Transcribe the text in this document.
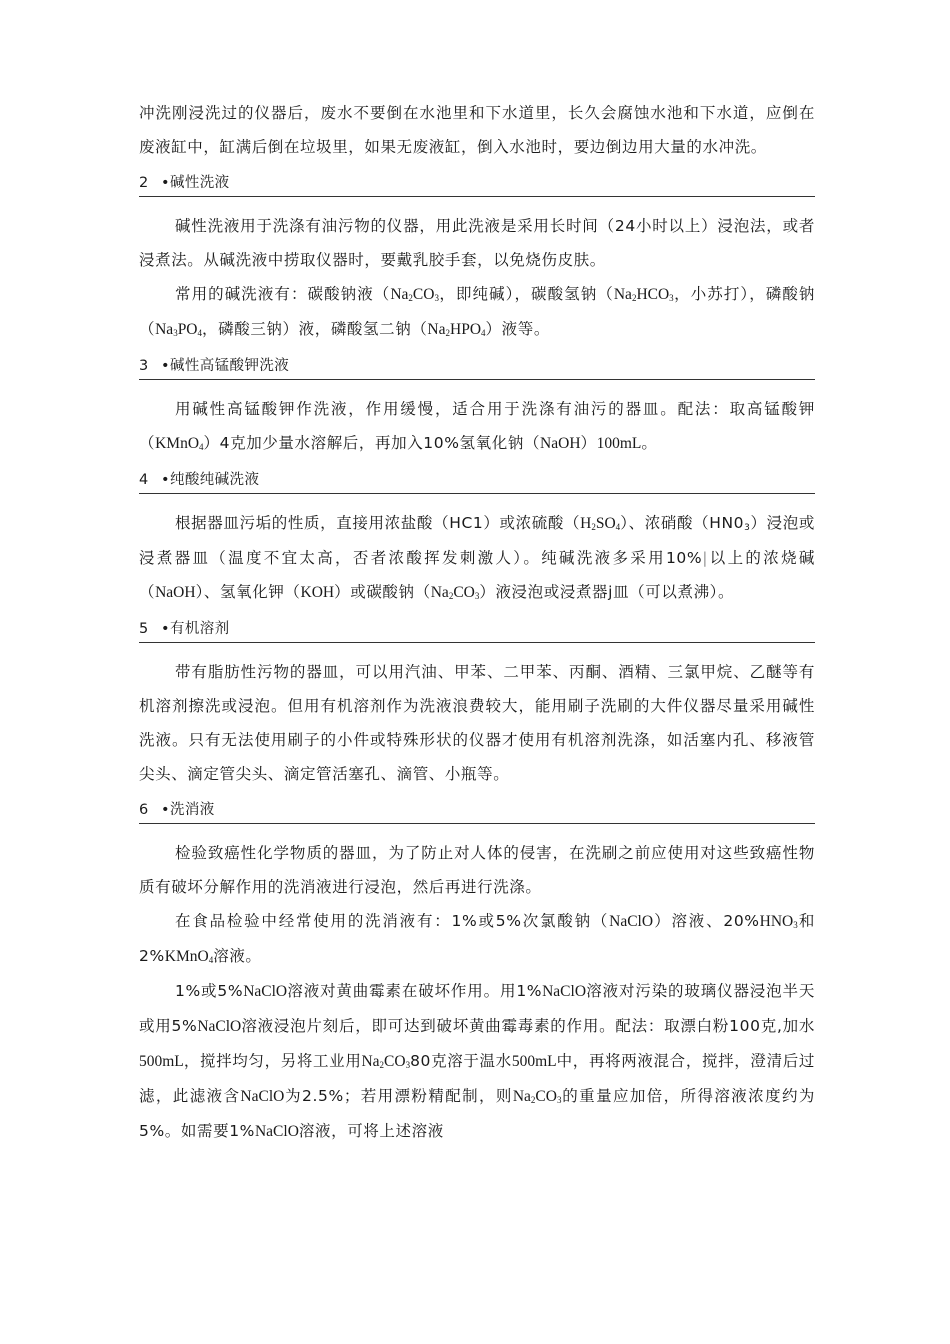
冲洗刚浸洗过的仪器后，废水不要倒在水池里和下水道里，长久会腐蚀水池和下水道，应倒在废液缸中，缸满后倒在垃圾里，如果无废液缸，倒入水池时，要边倒边用大量的水冲洗。

2 •碱性洗液

碱性洗液用于洗涤有油污物的仪器，用此洗液是采用长时间（24小时以上）浸泡法，或者浸煮法。从碱洗液中捞取仪器时，要戴乳胶手套，以免烧伤皮肤。

常用的碱洗液有：碳酸钠液（$Na_2CO_3$，即纯碱），碳酸氢钠（$Na_2HCO_3$，小苏打），磷酸钠（$Na_3PO_4$，磷酸三钠）液，磷酸氢二钠$(Na_2HPO_4)$液等。

3 •碱性高锰酸钾洗液

用碱性高锰酸钾作洗液，作用缓慢，适合用于洗涤有油污的器皿。配法：取高锰酸钾（KMnO$_4$）4克加少量水溶解后，再加入10%氢氧化钠（NaOH）100mL。

4 •纯酸纯碱洗液

根据器皿污垢的性质，直接用浓盐酸（HC1）或浓硫酸$(H_2SO_4)$、浓硝酸$(HN0_3)$浸泡或浸煮器皿（温度不宜太高，否者浓酸挥发刺激人）。纯碱洗液多采用10%|以上的浓烧碱（NaOH）、氢氧化钾（KOH）或碳酸钠$(Na_2CO_3)$液浸泡或浸煮器j皿（可以煮沸）。

5 •有机溶剂

带有脂肪性污物的器皿，可以用汽油、甲苯、二甲苯、丙酮、酒精、三氯甲烷、乙醚等有机溶剂擦洗或浸泡。但用有机溶剂作为洗液浪费较大，能用刷子洗刷的大件仪器尽量采用碱性洗液。只有无法使用刷子的小件或特殊形状的仪器才使用有机溶剂洗涤，如活塞内孔、移液管尖头、滴定管尖头、滴定管活塞孔、滴管、小瓶等。

6 •洗消液

检验致癌性化学物质的器皿，为了防止对人体的侵害，在洗刷之前应使用对这些致癌性物质有破坏分解作用的洗消液进行浸泡，然后再进行洗涤。

在食品检验中经常使用的洗消液有：1%或5%次氯酸钠（NaClO）溶液、$20\%HNO_3$和2%KMnO$_4$溶液。

1%或5%NaClO溶液对黄曲霉素在破坏作用。用1%NaClO溶液对污染的玻璃仪器浸泡半天或用5%NaClO溶液浸泡片刻后，即可达到破坏黄曲霉毒素的作用。配法：取漂白粉100克,加水500mL，搅拌均匀，另将工业用$Na_2CO_380$克溶于温水500mL中，再将两液混合，搅拌，澄清后过滤，此滤液含NaClO为2.5%；若用漂粉精配制，则$Na_2CO_3$的重量应加倍，所得溶液浓度约为5%。如需要1%NaClO溶液，可将上述溶液
